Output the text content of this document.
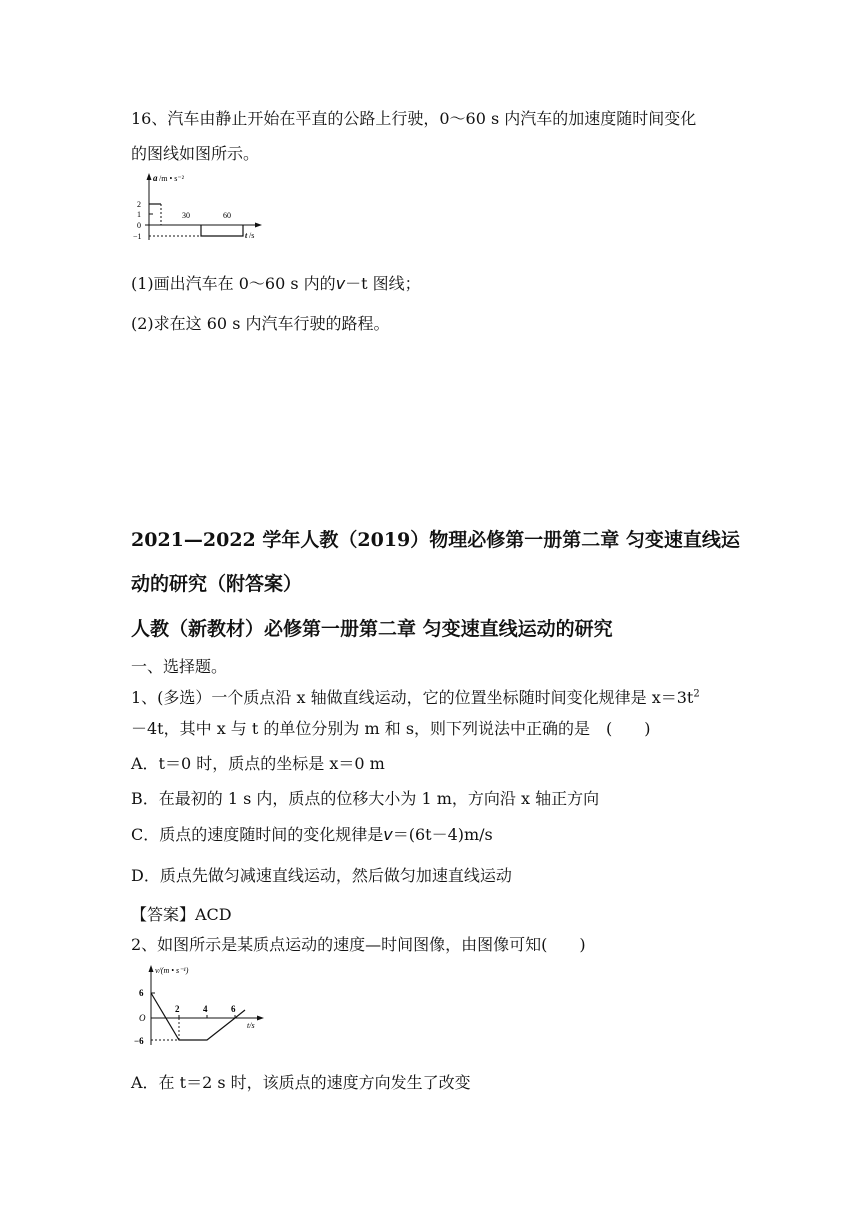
16、汽车由静止开始在平直的公路上行驶，0～60 s 内汽车的加速度随时间变化
的图线如图所示。
a /m • s⁻²
2
1
0
−1
30	60
t /s
(1)画出汽车在 0～60 s 内的v－t 图线；
(2)求在这 60 s 内汽车行驶的路程。
2021—2022 学年人教（2019）物理必修第一册第二章 匀变速直线运
动的研究（附答案）
人教（新教材）必修第一册第二章 匀变速直线运动的研究
一、选择题。
1、(多选）一个质点沿 x 轴做直线运动，它的位置坐标随时间变化规律是 $x=3t^2$
－4t，其中 x 与 t 的单位分别为 m 和 s，则下列说法中正确的是　(　　)
A．t＝0 时，质点的坐标是 x＝0 m
B．在最初的 1 s 内，质点的位移大小为 1 m，方向沿 x 轴正方向
C．质点的速度随时间的变化规律是v＝(6t－4)m/s
D．质点先做匀减速直线运动，然后做匀加速直线运动
【答案】ACD
2、如图所示是某质点运动的速度—时间图像，由图像可知(　　)
v/(m • s⁻¹)
6
O
−6
2	4	6
t/s
A．在 t＝2 s 时，该质点的速度方向发生了改变
